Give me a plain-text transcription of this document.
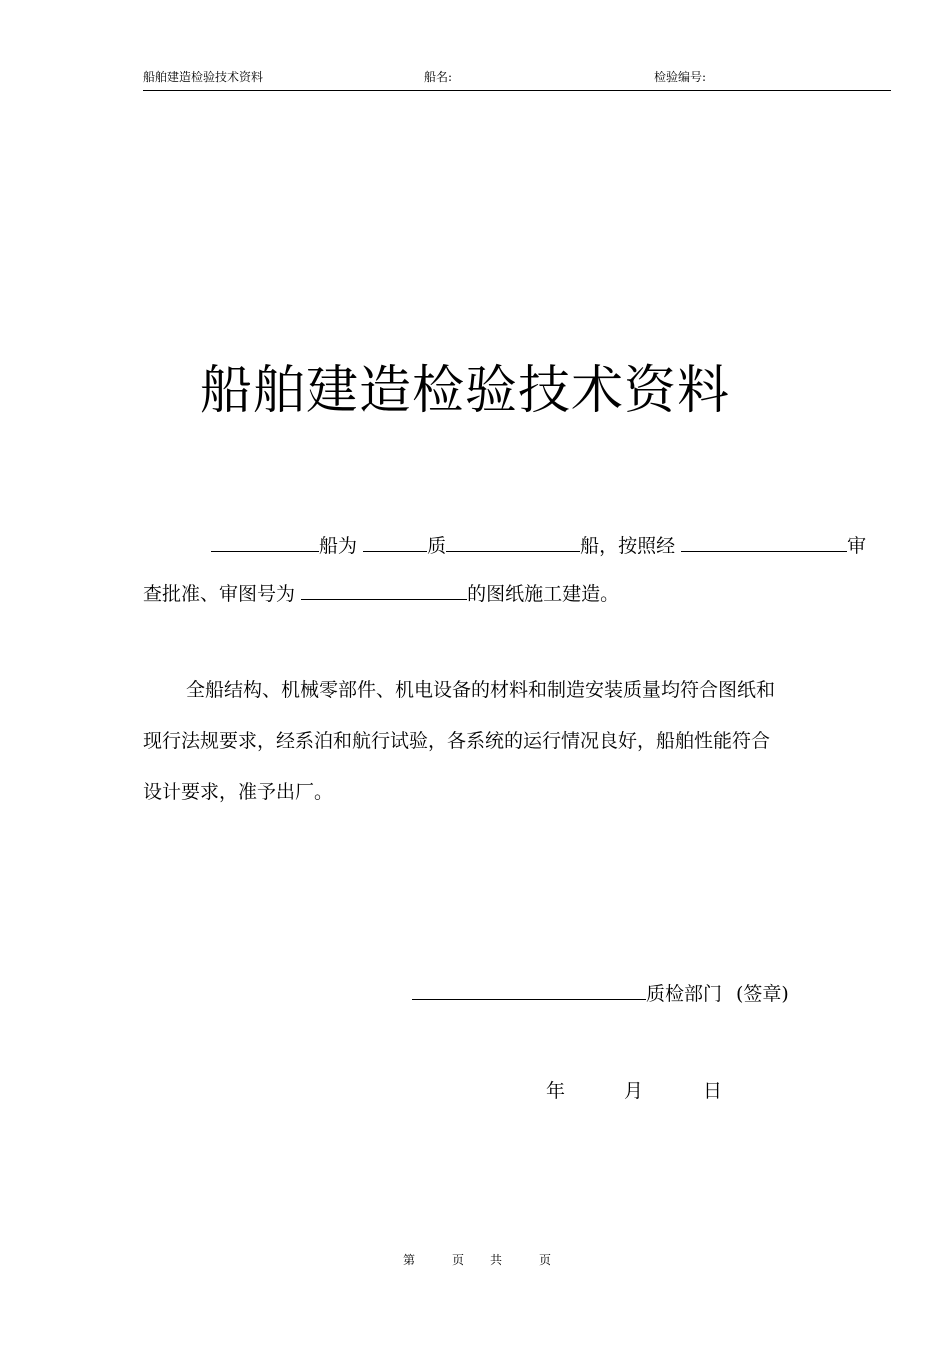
船舶建造检验技术资料	船名:	检验编号:
船舶建造检验技术资料
船为	质	船，按照经	审
查批准、审图号为	的图纸施工建造。
全船结构、机械零部件、机电设备的材料和制造安装质量均符合图纸和
现行法规要求，经系泊和航行试验，各系统的运行情况良好，船舶性能符合
设计要求，准予出厂。
质检部门 (签章)
年	月	日
第	页 共	页
